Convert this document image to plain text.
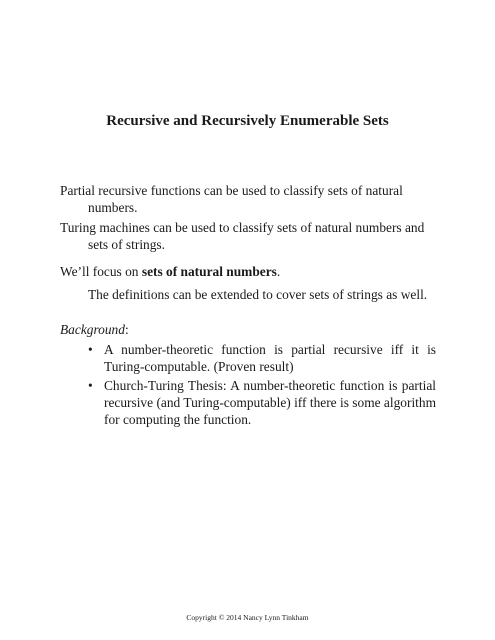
Recursive and Recursively Enumerable Sets
Partial recursive functions can be used to classify sets of natural numbers.
Turing machines can be used to classify sets of natural numbers and sets of strings.
We’ll focus on sets of natural numbers.
The definitions can be extended to cover sets of strings as well.
Background:
• A number-theoretic function is partial recursive iff it is Turing-computable. (Proven result)
• Church-Turing Thesis: A number-theoretic function is partial recursive (and Turing-computable) iff there is some algorithm for computing the function.
Copyright © 2014 Nancy Lynn Tinkham
